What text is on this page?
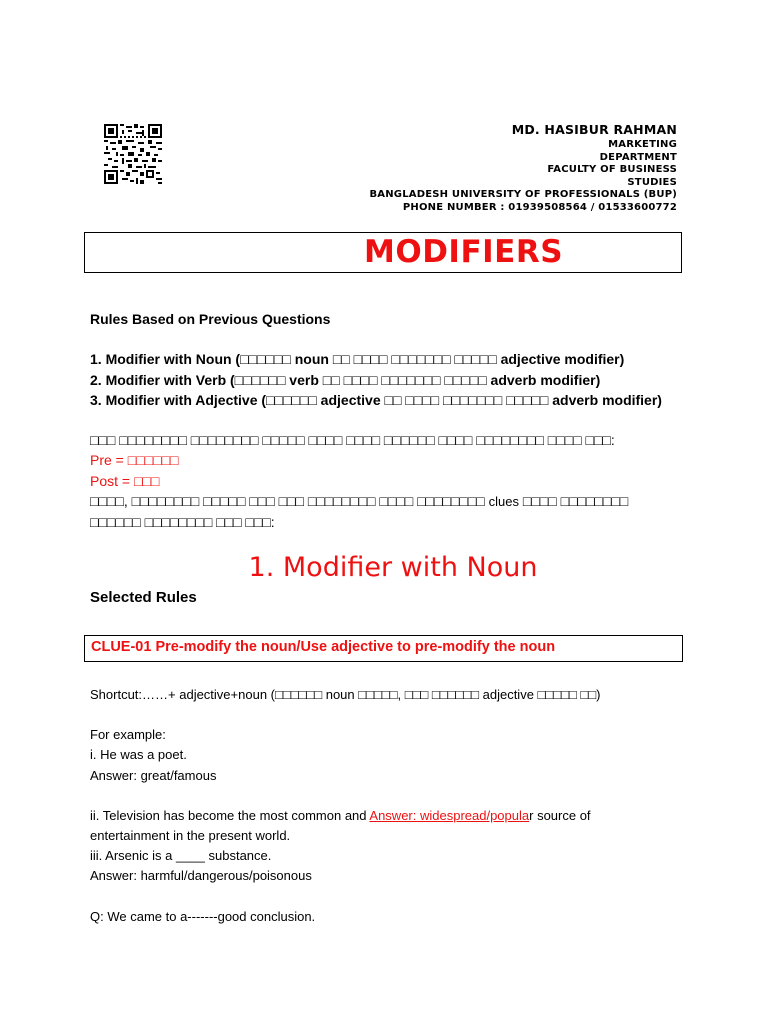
MD. HASIBUR RAHMAN
MARKETING
DEPARTMENT
FACULTY OF BUSINESS
STUDIES
BANGLADESH UNIVERSITY OF PROFESSIONALS (BUP)
PHONE NUMBER : 01939508564 / 01533600772
MODIFIERS

Rules Based on Previous Questions

1. Modifier with Noun (□□□□□□ noun □□ □□□□ □□□□□□□ □□□□□ adjective modifier)

2. Modifier with Verb (□□□□□□ verb □□ □□□□ □□□□□□□ □□□□□ adverb modifier)

3. Modifier with Adjective (□□□□□□ adjective □□ □□□□ □□□□□□□ □□□□□ adverb modifier)

□□□ □□□□□□□□ □□□□□□□□ □□□□□ □□□□ □□□□ □□□□□□ □□□□ □□□□□□□□ □□□□ □□□:

Pre = □□□□□□

Post = □□□

□□□□, □□□□□□□□ □□□□□ □□□ □□□ □□□□□□□□ □□□□ □□□□□□□□ clues □□□□ □□□□□□□□

□□□□□□ □□□□□□□□ □□□ □□□:

1. Modifier with Noun
Selected Rules
CLUE-01 Pre-modify the noun/Use adjective to pre-modify the noun

Shortcut:……+ adjective+noun (□□□□□□ noun □□□□□, □□□ □□□□□□ adjective □□□□□ □□)

For example:

i. He was a poet.

Answer: great/famous

ii. Television has become the most common and Answer: widespread/popular source of

entertainment in the present world.

iii. Arsenic is a ____ substance.

Answer: harmful/dangerous/poisonous

Q: We came to a-------good conclusion.
